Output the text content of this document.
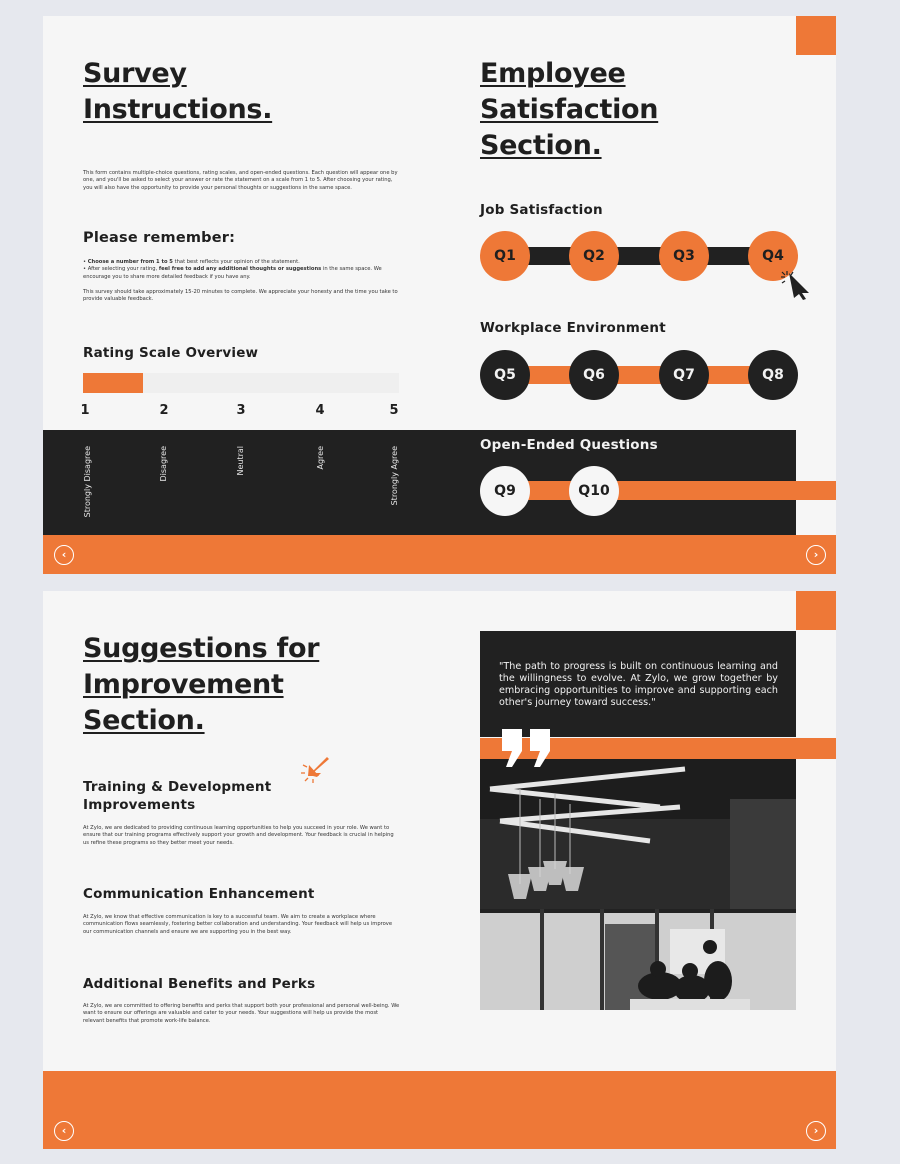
Survey
Instructions.
This form contains multiple-choice questions, rating scales, and open-ended questions. Each question will appear one by one, and you'll be asked to select your answer or rate the statement on a scale from 1 to 5. After choosing your rating, you will also have the opportunity to provide your personal thoughts or suggestions in the same space.
Please remember:
• Choose a number from 1 to 5 that best reflects your opinion of the statement.
• After selecting your rating, feel free to add any additional thoughts or suggestions in the same space. We encourage you to share more detailed feedback if you have any.
This survey should take approximately 15-20 minutes to complete. We appreciate your honesty and the time you take to provide valuable feedback.
Rating Scale Overview
1	2	3	4	5
Strongly Disagree	Disagree	Neutral	Agree	Strongly Agree
Employee
Satisfaction
Section.
Job Satisfaction
Q1	Q2	Q3	Q4
Workplace Environment
Q5	Q6	Q7	Q8
Open-Ended Questions
Q9	Q10
‹	›
Suggestions for
Improvement
Section.
Training & Development
Improvements
At Zylo, we are dedicated to providing continuous learning opportunities to help you succeed in your role. We want to ensure that our training programs effectively support your growth and development. Your feedback is crucial in helping us refine these programs so they better meet your needs.
Communication Enhancement
At Zylo, we know that effective communication is key to a successful team. We aim to create a workplace where communication flows seamlessly, fostering better collaboration and understanding. Your feedback will help us improve our communication channels and ensure we are supporting you in the best way.
Additional Benefits and Perks
At Zylo, we are committed to offering benefits and perks that support both your professional and personal well-being. We want to ensure our offerings are valuable and cater to your needs. Your suggestions will help us provide the most relevant benefits that promote work-life balance.
"The path to progress is built on continuous learning and the willingness to evolve. At Zylo, we grow together by embracing opportunities to improve and supporting each other's journey toward success."
‹	›
